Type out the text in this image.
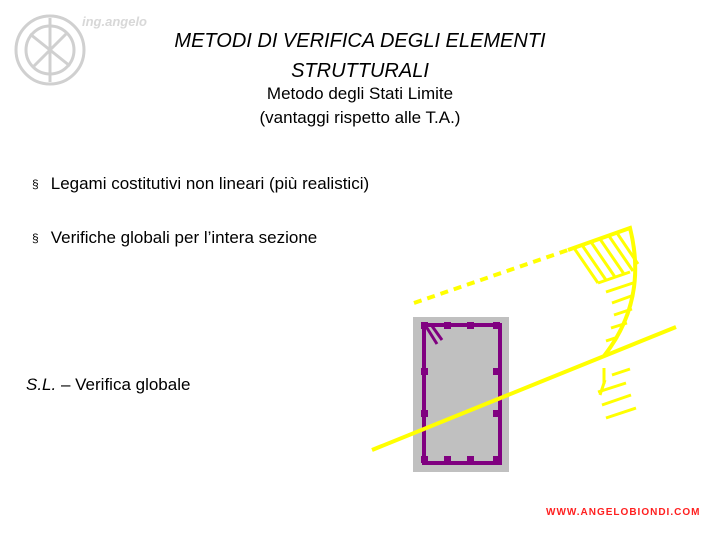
ing.angelo
METODI DI VERIFICA DEGLI ELEMENTI
STRUTTURALI
Metodo degli Stati Limite
(vantaggi rispetto alle T.A.)
§ Legami costitutivi non lineari (più realistici)
§ Verifiche globali per l’intera sezione
S.L. – Verifica globale
WWW.ANGELOBIONDI.COM
